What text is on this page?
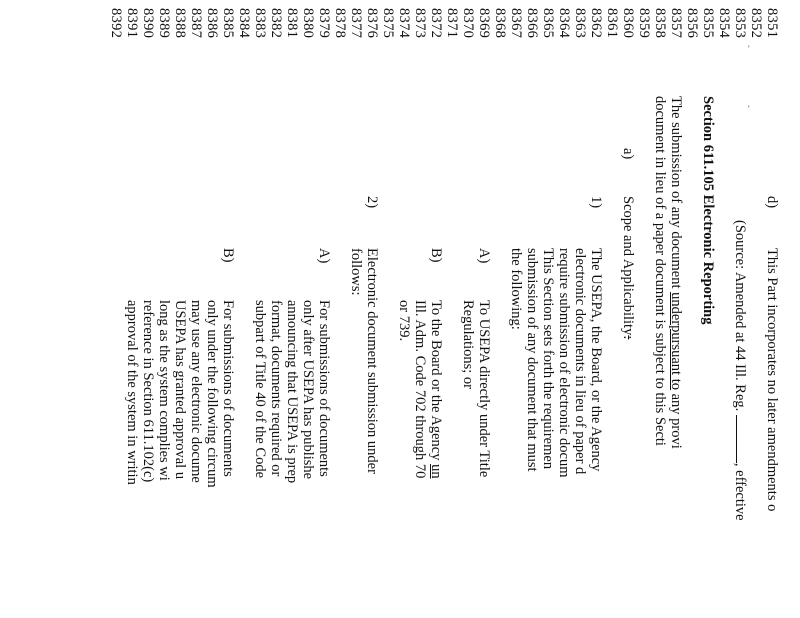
8351
8352
8353
8354
8355
8356
8357
8358
8359
8360
8361
8362
8363
8364
8365
8366
8367
8368
8369
8370
8371
8372
8373
8374
8375
8376
8377
8378
8379
8380
8381
8382
8383
8384
8385
8386
8387
8388
8389
8390
8391
8392
d)
This Part incorporates no later amendments o
(Source: Amended at 44 Ill. Reg. , effective
Section 611.105 Electronic Reporting
The submission of any document underpursuant to any provi
document in lieu of a paper document is subject to this Secti
a)
Scope and Applicability:
1)
The USEPA, the Board, or the Agency
electronic documents in lieu of paper d
require submission of electronic docum
This Section sets forth the requiremen
submission of any document that must
the following:
A)
To USEPA directly under Title
Regulations; or
B)
To the Board or the Agency un
Ill. Adm. Code 702 through 70
or 739.
2)
Electronic document submission under
follows:
A)
For submissions of documents
only after USEPA has publishe
announcing that USEPA is prep
format, documents required or
subpart of Title 40 of the Code
B)
For submissions of documents
only under the following circum
may use any electronic docume
USEPA has granted approval u
long as the system complies wi
reference in Section 611.102(c)
approval of the system in writin
'
'
